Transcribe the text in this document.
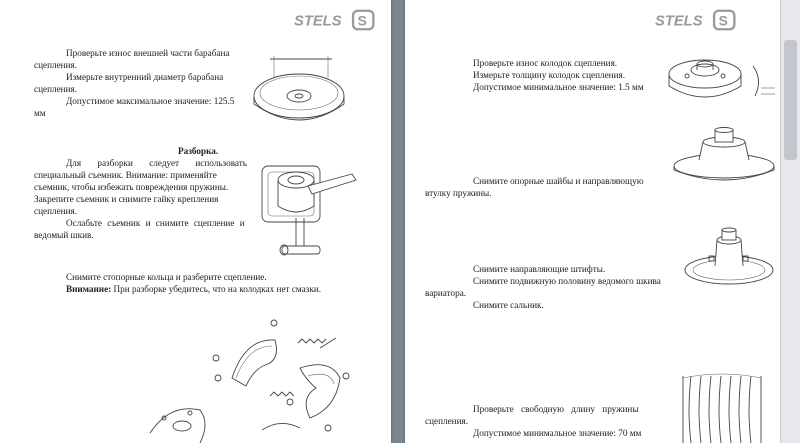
STELS S
Проверьте износ внешней части барабана
сцепления.
Измерьте внутренний диаметр барабана
сцепления.
Допустимое максимальное значение: 125.5
мм
Разборка.
Для разборки следует использовать
специальный съемник. Внимание: применяйте
съемник, чтобы избежать повреждения пружины.
Закрепите съемник и снимите гайку крепления
сцепления.
Ослабьте съемник и снимите сцепление и
ведомый шкив.
Снимите стопорные кольца и разберите сцепление.
Внимание: При разборке убедитесь, что на колодках нет смазки.
STELS S
Проверьте износ колодок сцепления.
Измерьте толщину колодок сцепления.
Допустимое минимальное значение: 1.5 мм
Снимите опорные шайбы и направляющую
втулку пружины.
Снимите направляющие штифты.
Снимите подвижную половину ведомого шкива
вариатора.
Снимите сальник.
Проверьте свободную длину пружины
сцепления.
Допустимое минимальное значение: 70 мм
